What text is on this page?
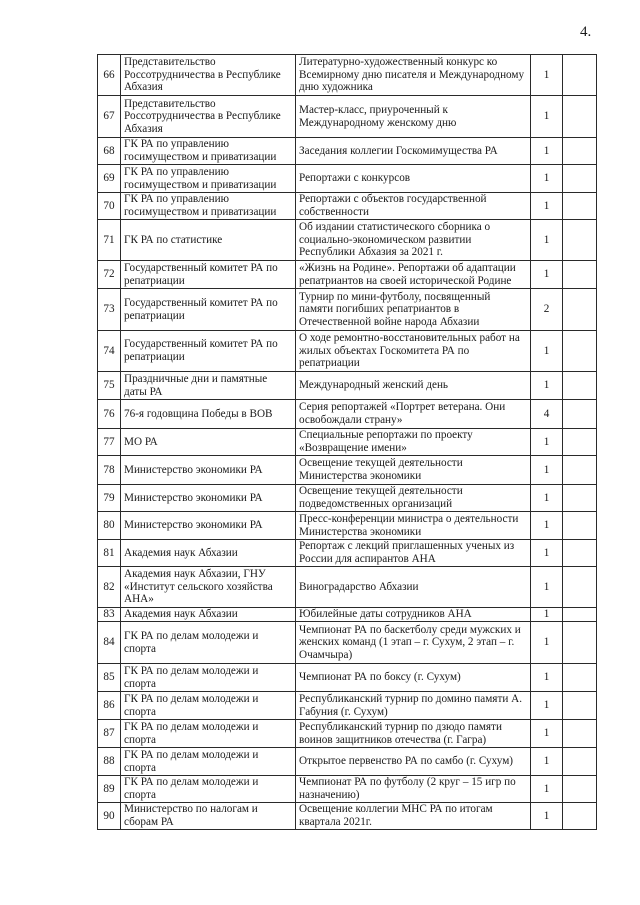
4.
66	Представительство Россотрудничества в Республике Абхазия	Литературно-художественный конкурс ко Всемирному дню писателя и Международному дню художника	1	
67	Представительство Россотрудничества в Республике Абхазия	Мастер-класс, приуроченный к Международному женскому дню	1	
68	ГК РА по управлению госимуществом и приватизации	Заседания коллегии Госкомимущества РА	1	
69	ГК РА по управлению госимуществом и приватизации	Репортажи с конкурсов	1	
70	ГК РА по управлению госимуществом и приватизации	Репортажи с объектов государственной собственности	1	
71	ГК РА по статистике	Об издании статистического сборника о социально-экономическом развитии Республики Абхазия за 2021 г.	1	
72	Государственный комитет РА по репатриации	«Жизнь на Родине». Репортажи об адаптации репатриантов на своей исторической Родине	1	
73	Государственный комитет РА по репатриации	Турнир по мини-футболу, посвященный памяти погибших репатриантов в Отечественной войне народа Абхазии	2	
74	Государственный комитет РА по репатриации	О ходе ремонтно-восстановительных работ на жилых объектах Госкомитета РА по репатриации	1	
75	Праздничные дни и памятные даты РА	Международный женский день	1	
76	76-я годовщина Победы в ВОВ	Серия репортажей «Портрет ветерана. Они освобождали страну»	4	
77	МО РА	Специальные репортажи по проекту «Возвращение имени»	1	
78	Министерство экономики РА	Освещение текущей деятельности Министерства экономики	1	
79	Министерство экономики РА	Освещение текущей деятельности подведомственных организаций	1	
80	Министерство экономики РА	Пресс-конференции министра о деятельности Министерства экономики	1	
81	Академия наук Абхазии	Репортаж с лекций приглашенных ученых из России для аспирантов АНА	1	
82	Академия наук Абхазии, ГНУ «Институт сельского хозяйства АНА»	Виноградарство Абхазии	1	
83	Академия наук Абхазии	Юбилейные даты сотрудников АНА	1	
84	ГК РА по делам молодежи и спорта	Чемпионат РА по баскетболу среди мужских и женских команд (1 этап – г. Сухум, 2 этап – г. Очамчыра)	1	
85	ГК РА по делам молодежи и спорта	Чемпионат РА по боксу (г. Сухум)	1	
86	ГК РА по делам молодежи и спорта	Республиканский турнир по домино памяти А. Габуния (г. Сухум)	1	
87	ГК РА по делам молодежи и спорта	Республиканский турнир по дзюдо памяти воинов защитников отечества (г. Гагра)	1	
88	ГК РА по делам молодежи и спорта	Открытое первенство РА по самбо (г. Сухум)	1	
89	ГК РА по делам молодежи и спорта	Чемпионат РА по футболу (2 круг – 15 игр по назначению)	1	
90	Министерство по налогам и сборам РА	Освещение коллегии МНС РА по итогам квартала 2021г.	1	
